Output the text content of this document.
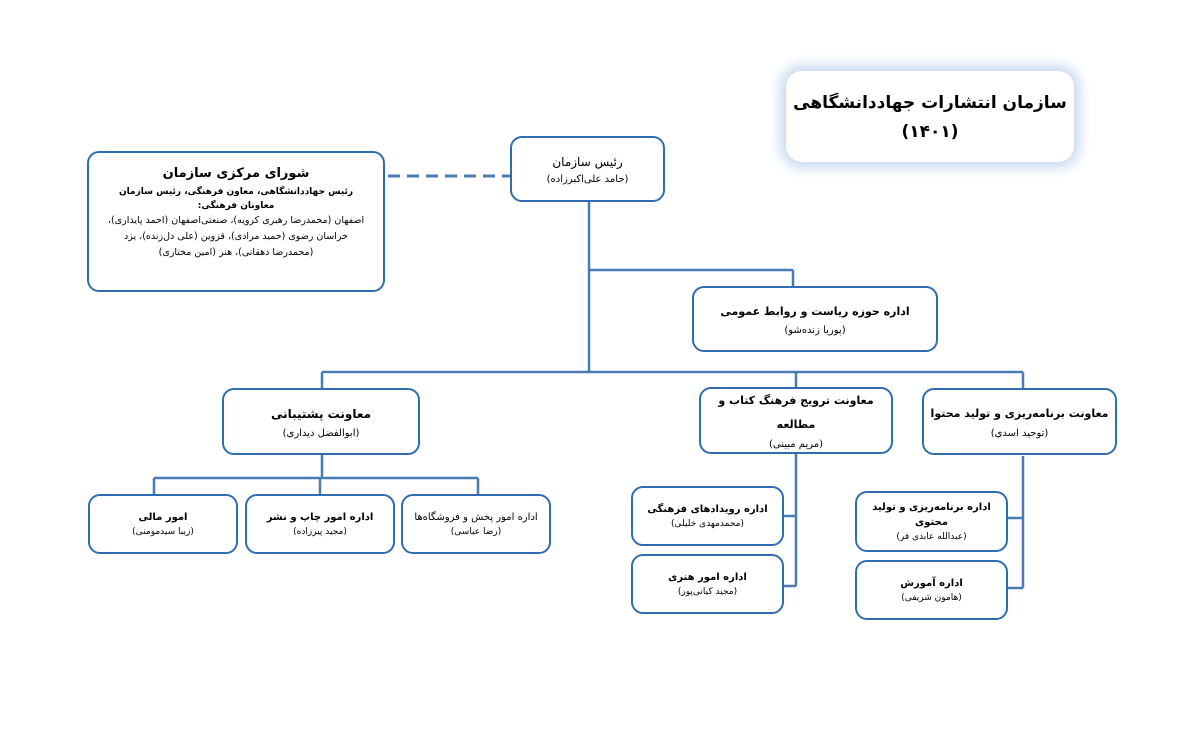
سازمان انتشارات جهاددانشگاهی
(۱۴۰۱)
شورای مرکزی سازمان
رئیس جهاددانشگاهی، معاون فرهنگی، رئیس سازمان
معاونان فرهنگی:
اصفهان (محمدرضا رهبری کرویه)، صنعتی‌اصفهان (احمد پایداری)،
خراسان رضوی (حمید مرادی)، قزوین (علی دل‌زنده)، یزد
(محمدرضا دهقانی)، هنر (امین مختاری)
رئیس سازمان
(حامد علی‌اکبرزاده)
اداره حوزه ریاست و روابط عمومی
(پوریا زنده‌شو)
معاونت پشتیبانی
(ابوالفضل دیداری)
معاونت ترویج فرهنگ کتاب و مطالعه
(مریم مبینی)
معاونت برنامه‌ریزی و تولید محتوا
(توحید اسدی)
امور مالی
(زیبا سیدمومنی)
اداره امور چاپ و نشر
(مجید پیرزاده)
اداره امور پخش و فروشگاه‌ها
(رضا عباسی)
اداره رویدادهای فرهنگی
(محمدمهدی خلیلی)
اداره امور هنری
(مجید کیانی‌پور)
اداره برنامه‌ریزی و تولید محتوی
(عبدالله عابدی فر)
اداره آموزش
(هامون شریفی)
